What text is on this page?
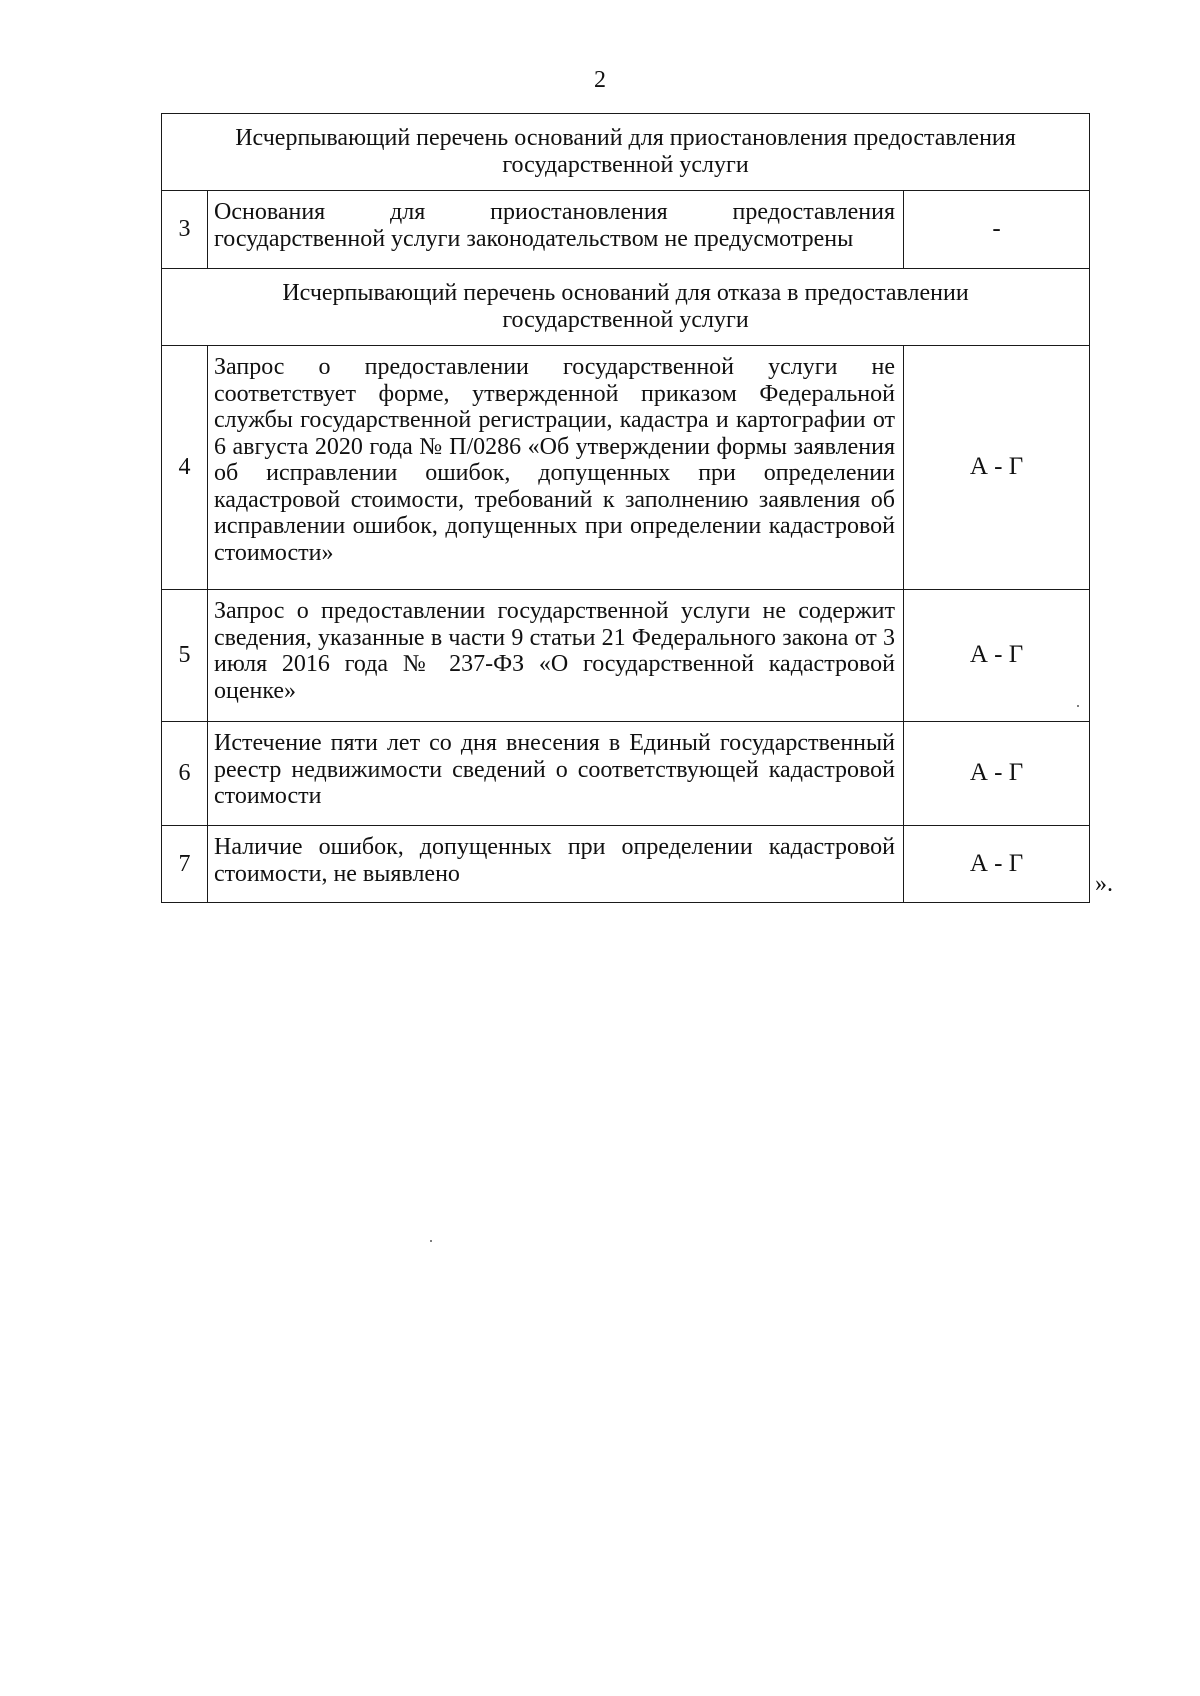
2
Исчерпывающий перечень оснований для приостановления предоставления
государственной услуги		

3	Основания для приостановления предоставления государственной услуги законодательством не предусмотрены	-

Исчерпывающий перечень оснований для отказа в предоставлении
государственной услуги		

4	Запрос о предоставлении государственной услуги не соответствует форме, утвержденной приказом Федеральной службы государственной регистрации, кадастра и картографии от 6 августа 2020 года № П/0286 «Об утверждении формы заявления об исправлении ошибок, допущенных при определении кадастровой стоимости, требований к заполнению заявления об исправлении ошибок, допущенных при определении кадастровой стоимости»	А - Г
5	Запрос о предоставлении государственной услуги не содержит сведения, указанные в части 9 статьи 21 Федерального закона от 3 июля 2016 года № 237-ФЗ «О государственной кадастровой оценке»	А - Г
6	Истечение пяти лет со дня внесения в Единый государственный реестр недвижимости сведений о соответствующей кадастровой стоимости	А - Г
7	Наличие ошибок, допущенных при определении кадастровой стоимости, не выявлено	А - Г
».
